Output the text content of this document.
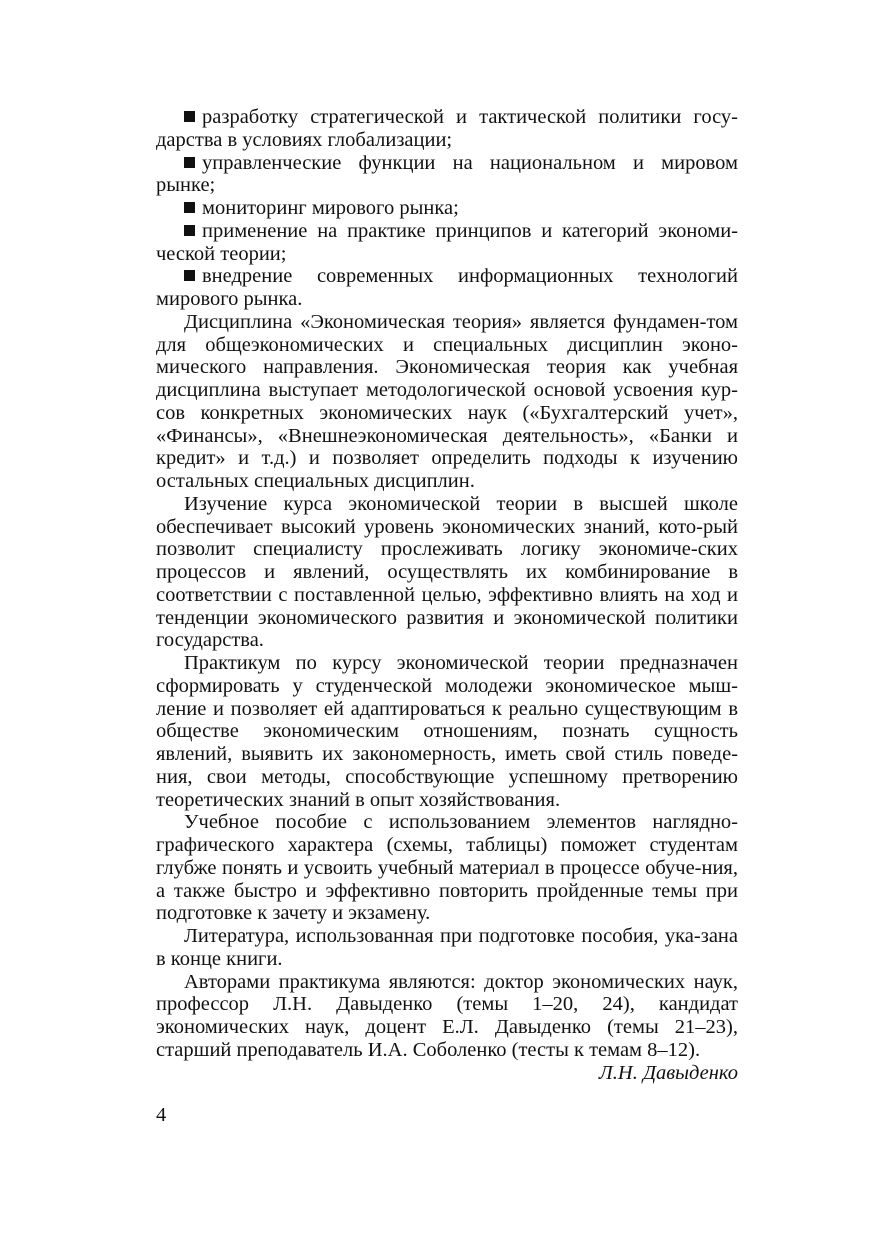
разработку стратегической и тактической политики госу-дарства в условиях глобализации;

управленческие функции на национальном и мировом рынке;

мониторинг мирового рынка;

применение на практике принципов и категорий экономи-ческой теории;

внедрение современных информационных технологий мирового рынка.

Дисциплина «Экономическая теория» является фундамен-том для общеэкономических и специальных дисциплин эконо-мического направления. Экономическая теория как учебная дисциплина выступает методологической основой усвоения кур-сов конкретных экономических наук («Бухгалтерский учет», «Финансы», «Внешнеэкономическая деятельность», «Банки и кредит» и т.д.) и позволяет определить подходы к изучению остальных специальных дисциплин.

Изучение курса экономической теории в высшей школе обеспечивает высокий уровень экономических знаний, кото-рый позволит специалисту прослеживать логику экономиче-ских процессов и явлений, осуществлять их комбинирование в соответствии с поставленной целью, эффективно влиять на ход и тенденции экономического развития и экономической политики государства.

Практикум по курсу экономической теории предназначен сформировать у студенческой молодежи экономическое мыш-ление и позволяет ей адаптироваться к реально существующим в обществе экономическим отношениям, познать сущность явлений, выявить их закономерность, иметь свой стиль поведе-ния, свои методы, способствующие успешному претворению теоретических знаний в опыт хозяйствования.

Учебное пособие с использованием элементов наглядно-графического характера (схемы, таблицы) поможет студентам глубже понять и усвоить учебный материал в процессе обуче-ния, а также быстро и эффективно повторить пройденные темы при подготовке к зачету и экзамену.

Литература, использованная при подготовке пособия, ука-зана в конце книги.

Авторами практикума являются: доктор экономических наук, профессор Л.Н. Давыденко (темы 1–20, 24), кандидат экономических наук, доцент Е.Л. Давыденко (темы 21–23), старший преподаватель И.А. Соболенко (тесты к темам 8–12).

Л.Н. Давыденко

4
